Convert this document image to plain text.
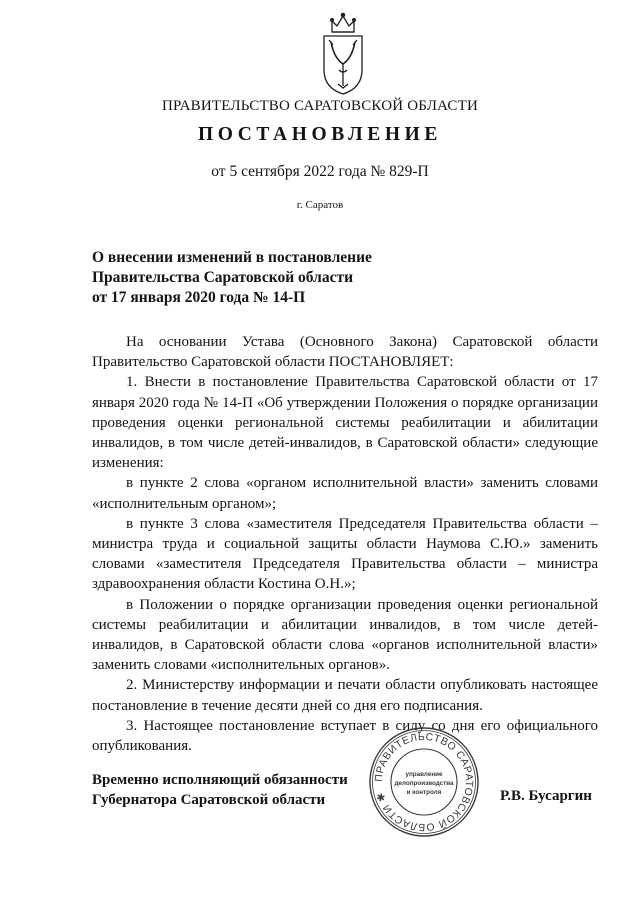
ПРАВИТЕЛЬСТВО САРАТОВСКОЙ ОБЛАСТИ
ПОСТАНОВЛЕНИЕ
от 5 сентября 2022 года № 829-П
г. Саратов
О внесении изменений в постановление
Правительства Саратовской области
от 17 января 2020 года № 14-П

На основании Устава (Основного Закона) Саратовской области Правительство Саратовской области ПОСТАНОВЛЯЕТ:

1. Внести в постановление Правительства Саратовской области от 17 января 2020 года № 14-П «Об утверждении Положения о порядке организации проведения оценки региональной системы реабилитации и абилитации инвалидов, в том числе детей-инвалидов, в Саратовской области» следующие изменения:

в пункте 2 слова «органом исполнительной власти» заменить словами «исполнительным органом»;

в пункте 3 слова «заместителя Председателя Правительства области – министра труда и социальной защиты области Наумова С.Ю.» заменить словами «заместителя Председателя Правительства области – министра здравоохранения области Костина О.Н.»;

в Положении о порядке организации проведения оценки региональной системы реабилитации и абилитации инвалидов, в том числе детей-инвалидов, в Саратовской области слова «органов исполнительной власти» заменить словами «исполнительных органов».

2. Министерству информации и печати области опубликовать настоящее постановление в течение десяти дней со дня его подписания.

3. Настоящее постановление вступает в силу со дня его официального опубликования.

Временно исполняющий обязанности
Губернатора Саратовской области
ПРАВИТЕЛЬСТВО САРАТОВСКОЙ ОБЛАСТИ ✱
управление
делопроизводства
и контроля	Р.В. Бусаргин
